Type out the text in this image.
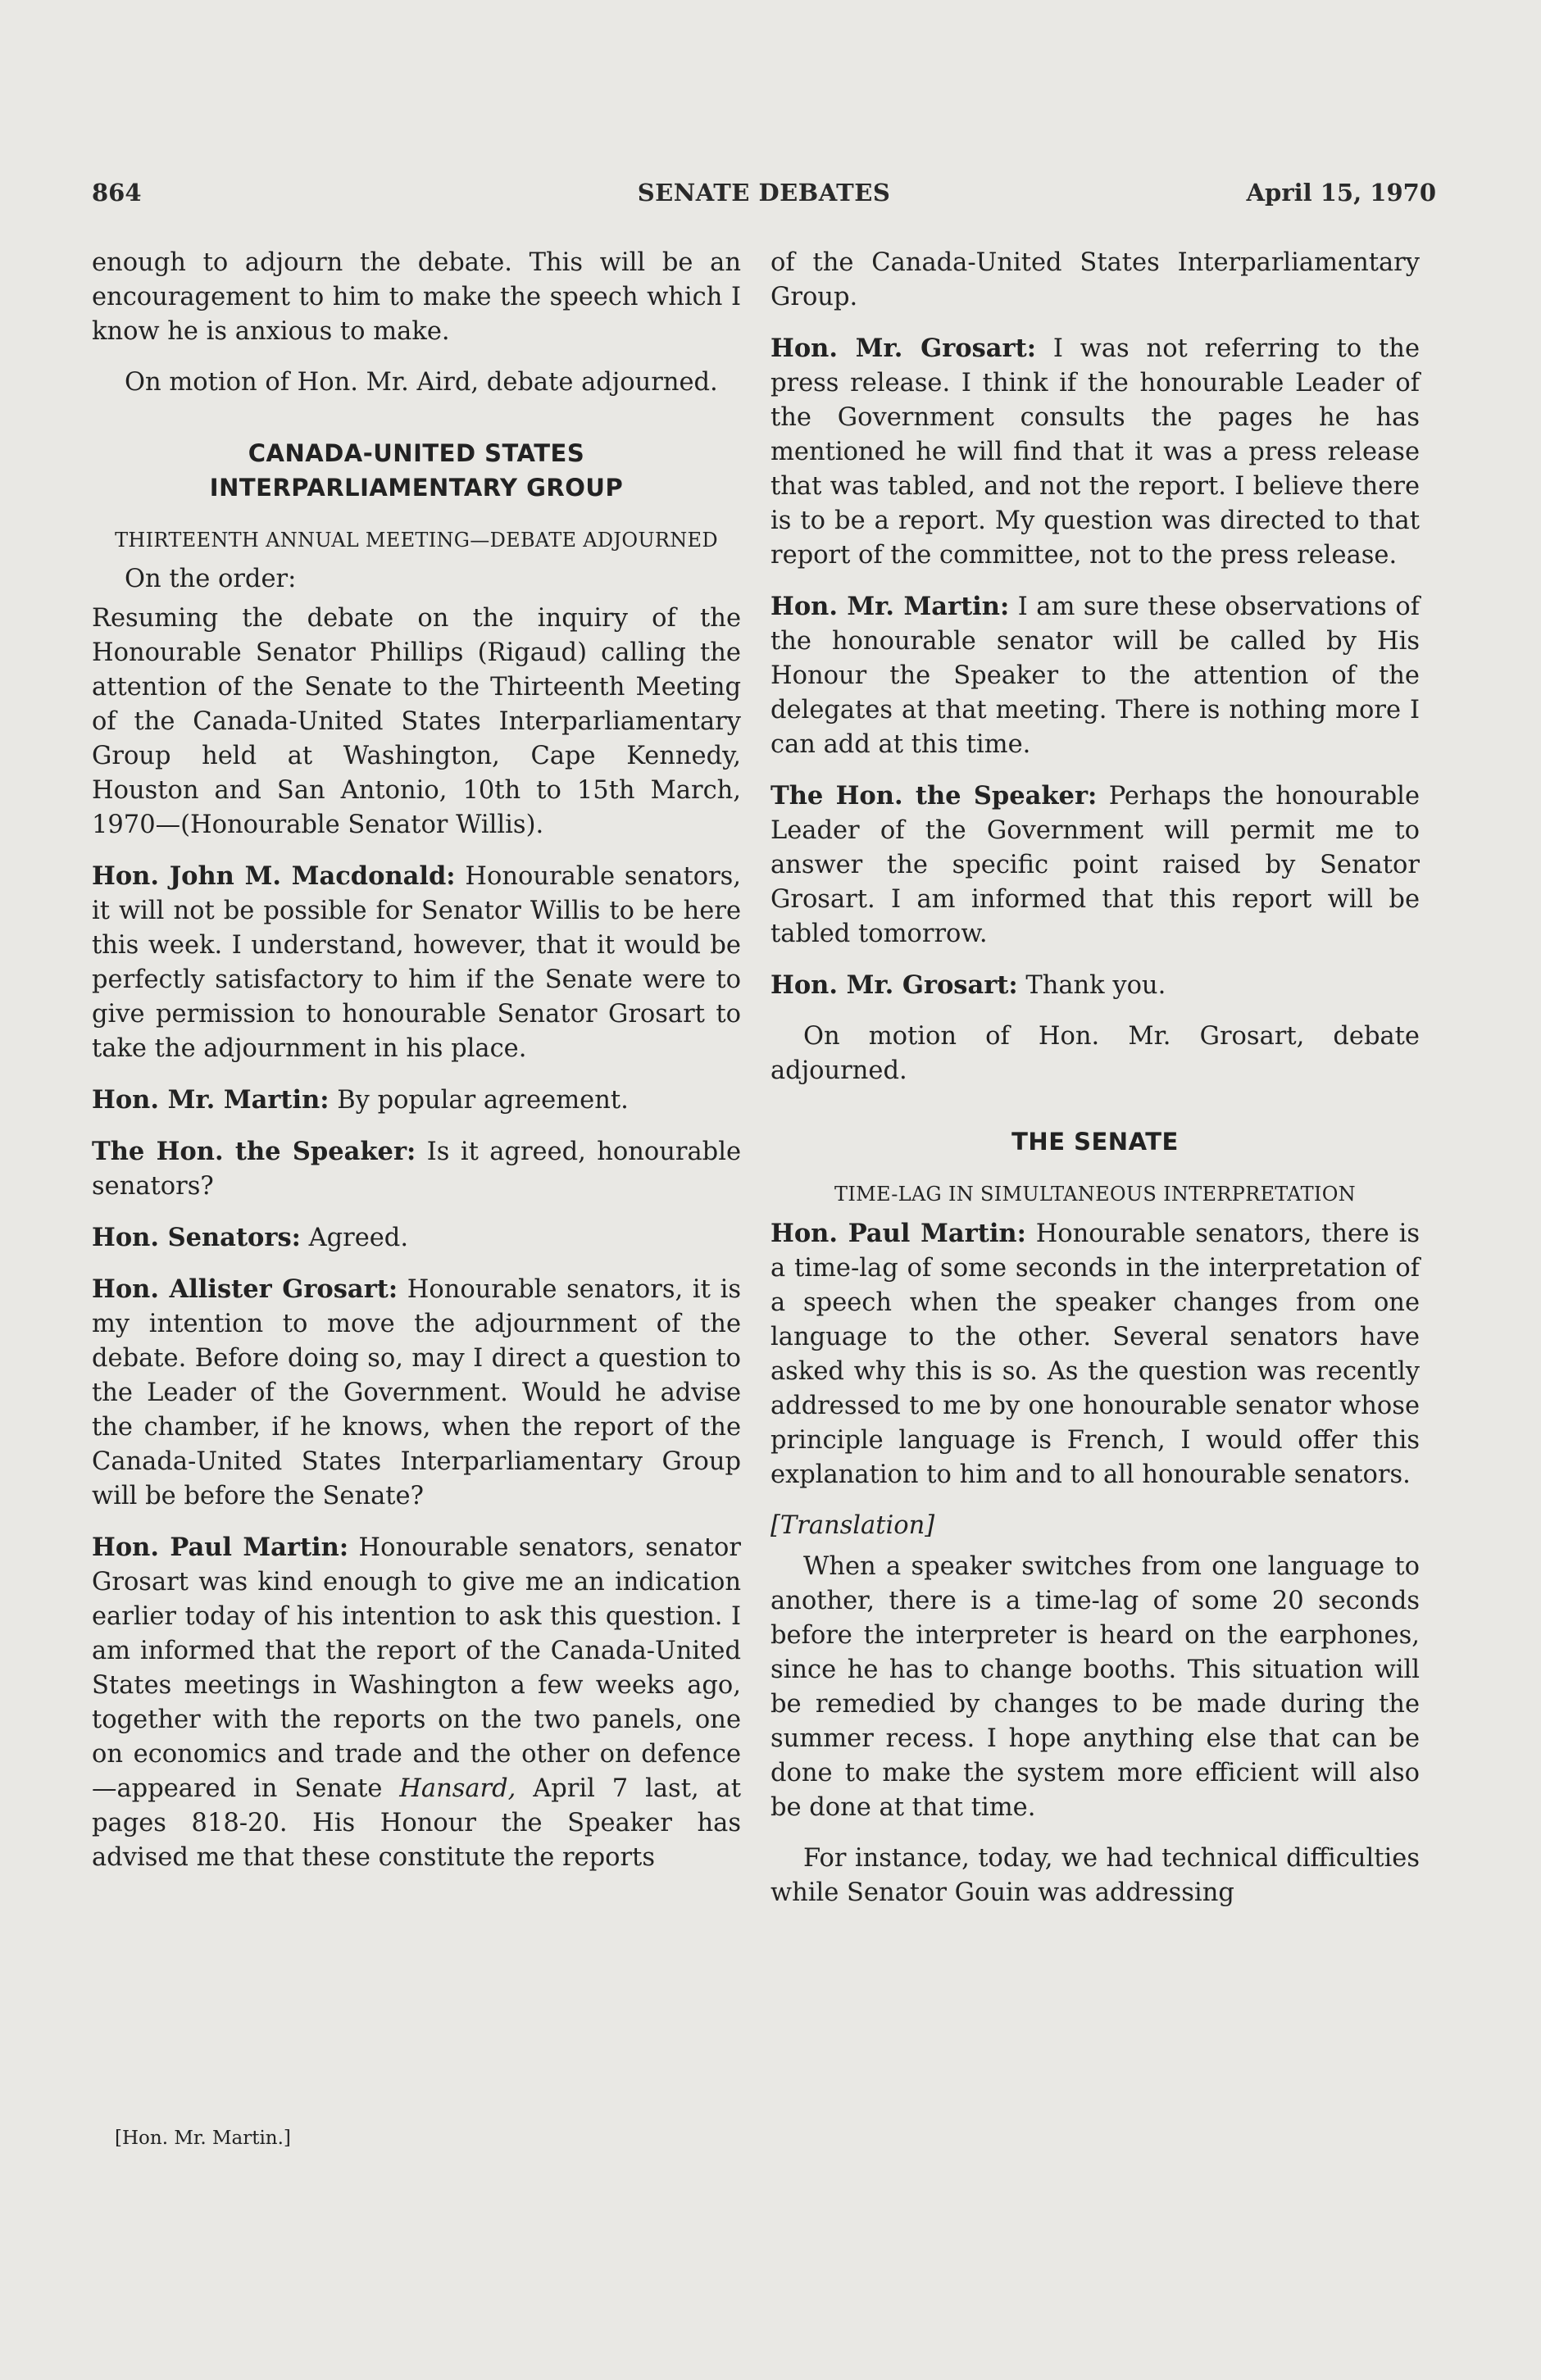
864	SENATE DEBATES	April 15, 1970

enough to adjourn the debate. This will be an encouragement to him to make the speech which I know he is anxious to make.

On motion of Hon. Mr. Aird, debate adjourned.

CANADA-UNITED STATES
INTERPARLIAMENTARY GROUP
THIRTEENTH ANNUAL MEETING—DEBATE ADJOURNED

On the order:

Resuming the debate on the inquiry of the Honourable Senator Phillips (Rigaud) calling the attention of the Senate to the Thirteenth Meeting of the Canada-United States Interparliamentary Group held at Washington, Cape Kennedy, Houston and San Antonio, 10th to 15th March, 1970—(Honourable Senator Willis).

Hon. John M. Macdonald: Honourable senators, it will not be possible for Senator Willis to be here this week. I understand, however, that it would be perfectly satisfactory to him if the Senate were to give permission to honourable Senator Grosart to take the adjournment in his place.

Hon. Mr. Martin: By popular agreement.

The Hon. the Speaker: Is it agreed, honourable senators?

Hon. Senators: Agreed.

Hon. Allister Grosart: Honourable senators, it is my intention to move the adjournment of the debate. Before doing so, may I direct a question to the Leader of the Government. Would he advise the chamber, if he knows, when the report of the Canada-United States Interparliamentary Group will be before the Senate?

Hon. Paul Martin: Honourable senators, senator Grosart was kind enough to give me an indication earlier today of his intention to ask this question. I am informed that the report of the Canada-United States meetings in Washington a few weeks ago, together with the reports on the two panels, one on economics and trade and the other on defence—appeared in Senate Hansard, April 7 last, at pages 818-20. His Honour the Speaker has advised me that these constitute the reports

of the Canada-United States Interparliamentary Group.

Hon. Mr. Grosart: I was not referring to the press release. I think if the honourable Leader of the Government consults the pages he has mentioned he will find that it was a press release that was tabled, and not the report. I believe there is to be a report. My question was directed to that report of the committee, not to the press release.

Hon. Mr. Martin: I am sure these observations of the honourable senator will be called by His Honour the Speaker to the attention of the delegates at that meeting. There is nothing more I can add at this time.

The Hon. the Speaker: Perhaps the honourable Leader of the Government will permit me to answer the specific point raised by Senator Grosart. I am informed that this report will be tabled tomorrow.

Hon. Mr. Grosart: Thank you.

On motion of Hon. Mr. Grosart, debate adjourned.

THE SENATE
TIME-LAG IN SIMULTANEOUS INTERPRETATION

Hon. Paul Martin: Honourable senators, there is a time-lag of some seconds in the interpretation of a speech when the speaker changes from one language to the other. Several senators have asked why this is so. As the question was recently addressed to me by one honourable senator whose principle language is French, I would offer this explanation to him and to all honourable senators.

[Translation]

When a speaker switches from one language to another, there is a time-lag of some 20 seconds before the interpreter is heard on the earphones, since he has to change booths. This situation will be remedied by changes to be made during the summer recess. I hope anything else that can be done to make the system more efficient will also be done at that time.

For instance, today, we had technical difficulties while Senator Gouin was addressing

[Hon. Mr. Martin.]
